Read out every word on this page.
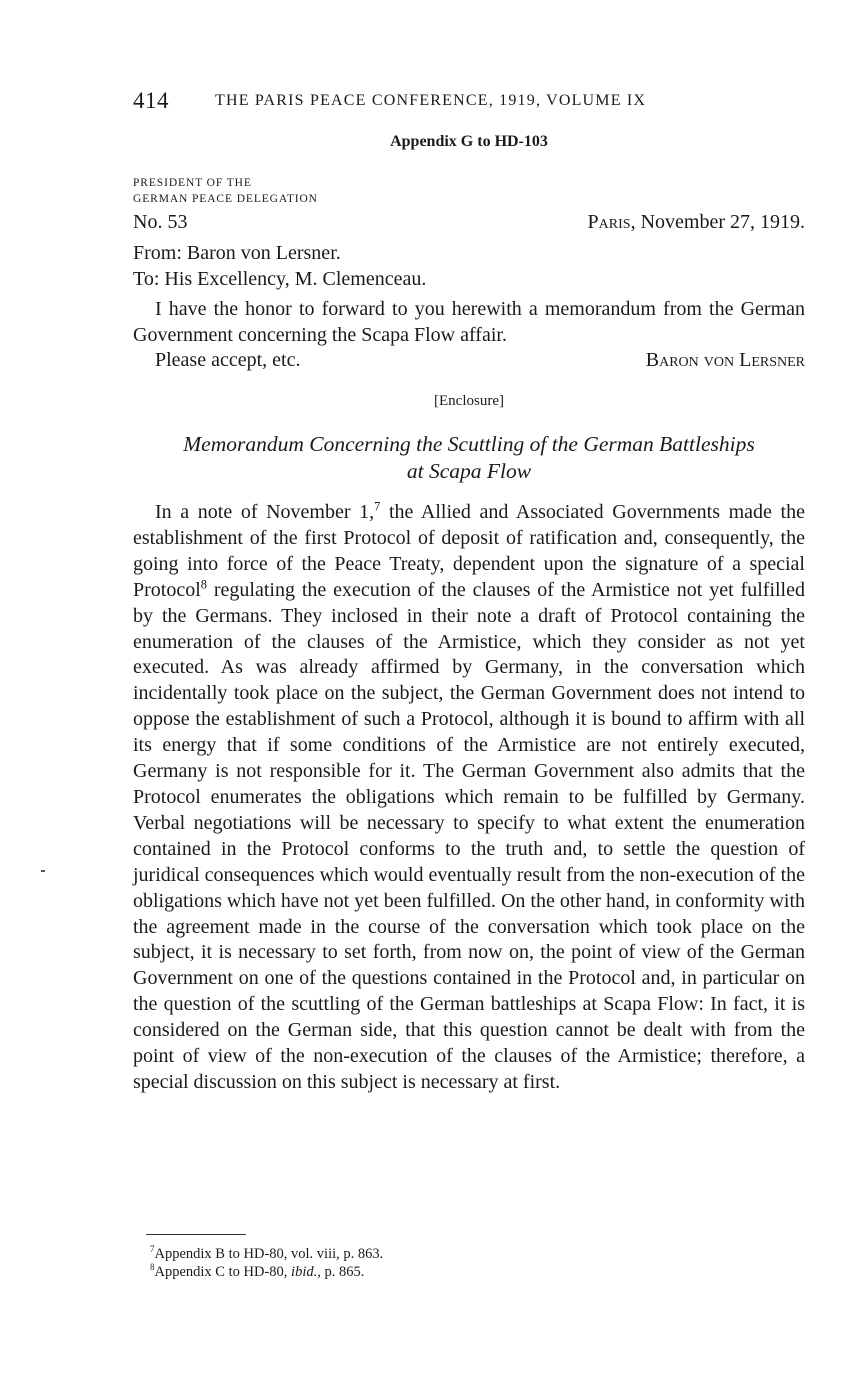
414	THE PARIS PEACE CONFERENCE, 1919, VOLUME IX
Appendix G to HD-103
PRESIDENT OF THE
GERMAN PEACE DELEGATION
No. 53	Paris, November 27, 1919.
From: Baron von Lersner.
To: His Excellency, M. Clemenceau.
I have the honor to forward to you herewith a memorandum from the German Government concerning the Scapa Flow affair.
Please accept, etc.	Baron von Lersner
[Enclosure]
Memorandum Concerning the Scuttling of the German Battleships
at Scapa Flow
In a note of November 1,$^7$ the Allied and Associated Governments made the establishment of the first Protocol of deposit of ratification and, consequently, the going into force of the Peace Treaty, dependent upon the signature of a special Protocol$^8$ regulating the execution of the clauses of the Armistice not yet fulfilled by the Germans. They inclosed in their note a draft of Protocol containing the enumeration of the clauses of the Armistice, which they consider as not yet executed. As was already affirmed by Germany, in the conversation which incidentally took place on the subject, the German Government does not intend to oppose the establishment of such a Protocol, although it is bound to affirm with all its energy that if some conditions of the Armistice are not entirely executed, Germany is not responsible for it. The German Government also admits that the Protocol enumerates the obligations which remain to be fulfilled by Germany. Verbal negotiations will be necessary to specify to what extent the enumeration contained in the Protocol conforms to the truth and, to settle the question of juridical consequences which would eventually result from the non-execution of the obligations which have not yet been fulfilled. On the other hand, in conformity with the agreement made in the course of the conversation which took place on the subject, it is necessary to set forth, from now on, the point of view of the German Government on one of the questions contained in the Protocol and, in particular on the question of the scuttling of the German battleships at Scapa Flow: In fact, it is considered on the German side, that this question cannot be dealt with from the point of view of the non-execution of the clauses of the Armistice; therefore, a special discussion on this subject is necessary at first.
$^7$Appendix B to HD-80, vol. viii, p. 863.
$^8$Appendix C to HD-80, ibid., p. 865.
